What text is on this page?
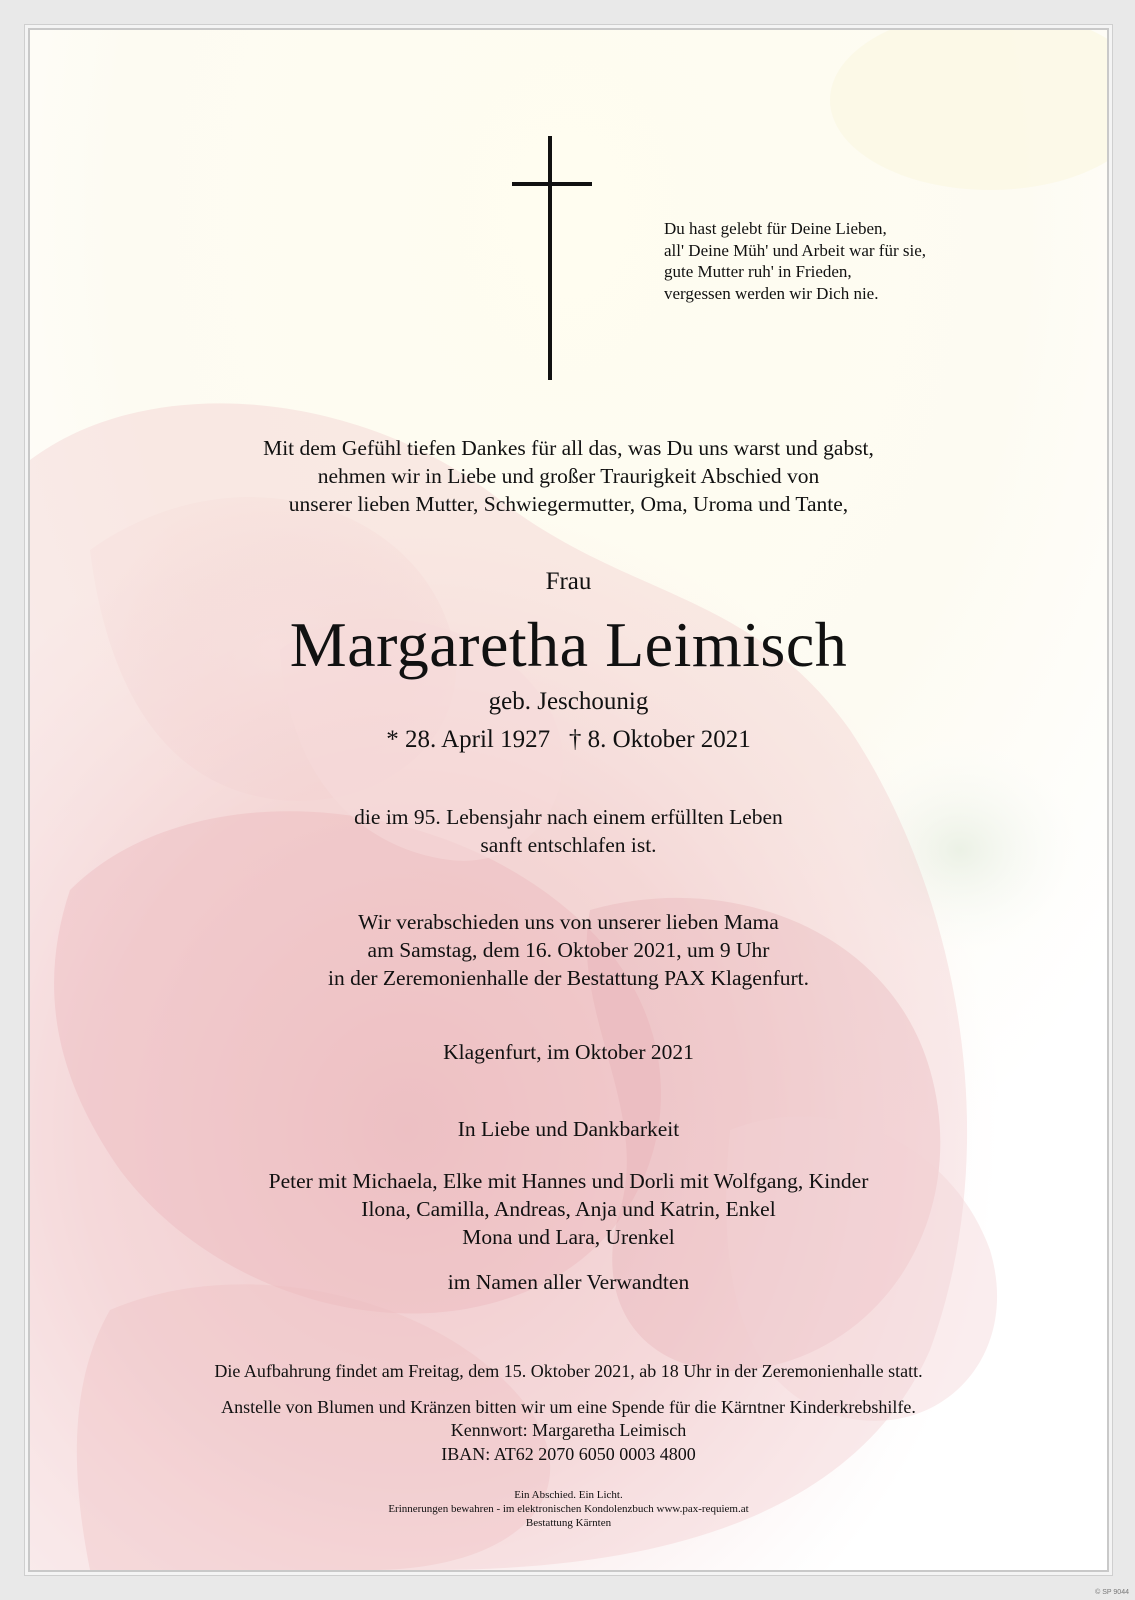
Du hast gelebt für Deine Lieben,
all' Deine Müh' und Arbeit war für sie,
gute Mutter ruh' in Frieden,
vergessen werden wir Dich nie.
Mit dem Gefühl tiefen Dankes für all das, was Du uns warst und gabst,
nehmen wir in Liebe und großer Traurigkeit Abschied von
unserer lieben Mutter, Schwiegermutter, Oma, Uroma und Tante,
Frau
Margaretha Leimisch
geb. Jeschounig
* 28. April 1927   † 8. Oktober 2021
die im 95. Lebensjahr nach einem erfüllten Leben
sanft entschlafen ist.
Wir verabschieden uns von unserer lieben Mama
am Samstag, dem 16. Oktober 2021, um 9 Uhr
in der Zeremonienhalle der Bestattung PAX Klagenfurt.
Klagenfurt, im Oktober 2021
In Liebe und Dankbarkeit
Peter mit Michaela, Elke mit Hannes und Dorli mit Wolfgang, Kinder
Ilona, Camilla, Andreas, Anja und Katrin, Enkel
Mona und Lara, Urenkel
im Namen aller Verwandten
Die Aufbahrung findet am Freitag, dem 15. Oktober 2021, ab 18 Uhr in der Zeremonienhalle statt.
Anstelle von Blumen und Kränzen bitten wir um eine Spende für die Kärntner Kinderkrebshilfe.
Kennwort: Margaretha Leimisch
IBAN: AT62 2070 6050 0003 4800
Ein Abschied. Ein Licht.
Erinnerungen bewahren - im elektronischen Kondolenzbuch www.pax-requiem.at
Bestattung Kärnten
© SP 9044
